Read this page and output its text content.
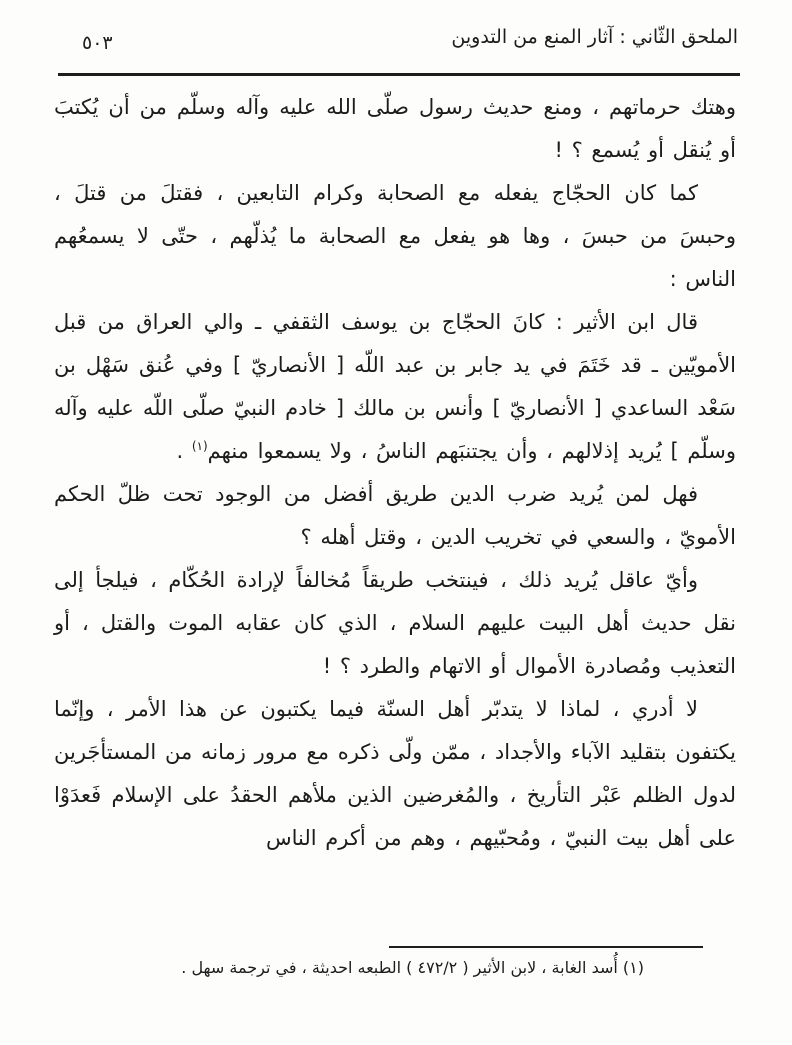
٥٠٣	الملحق الثّاني : آثار المنع من التدوين

وهتك حرماتهم ، ومنع حديث رسول صلّى الله عليه وآله وسلّم من أن يُكتبَ أو يُنقل أو يُسمع ؟ !

كما كان الحجّاج يفعله مع الصحابة وكرام التابعين ، فقتلَ من قتلَ ، وحبسَ من حبسَ ، وها هو يفعل مع الصحابة ما يُذلّهم ، حتّى لا يسمعُهم الناس :

قال ابن الأثير : كانَ الحجّاج بن يوسف الثقفي ـ والي العراق من قبل الأمويّين ـ قد خَتَمَ في يد جابر بن عبد اللّه [ الأنصاريّ ] وفي عُنق سَهْل بن سَعْد الساعدي [ الأنصاريّ ] وأنس بن مالك [ خادم النبيّ صلّى اللّه عليه وآله وسلّم ] يُريد إذلالهم ، وأن يجتنبَهم الناسُ ، ولا يسمعوا منهم$^{(١)}$ .

فهل لمن يُريد ضرب الدين طريق أفضل من الوجود تحت ظلّ الحكم الأمويّ ، والسعي في تخريب الدين ، وقتل أهله ؟

وأيّ عاقل يُريد ذلك ، فينتخب طريقاً مُخالفاً لإرادة الحُكّام ، فيلجأ إلى نقل حديث أهل البيت عليهم السلام ، الذي كان عقابه الموت والقتل ، أو التعذيب ومُصادرة الأموال أو الاتهام والطرد ؟ !

لا أدري ، لماذا لا يتدبّر أهل السنّة فيما يكتبون عن هذا الأمر ، وإنّما يكتفون بتقليد الآباء والأجداد ، ممّن ولّى ذكره مع مرور زمانه من المستأجَرين لدول الظلم عَبْر التأريخ ، والمُغرضين الذين ملأهم الحقدُ على الإسلام فَعدَوْا على أهل بيت النبيّ ، ومُحبّيهم ، وهم من أكرم الناس

(١) أُسد الغابة ، لابن الأثير ( ٤٧٢/٢ ) الطبعه احديثة ، في ترجمة سهل .
